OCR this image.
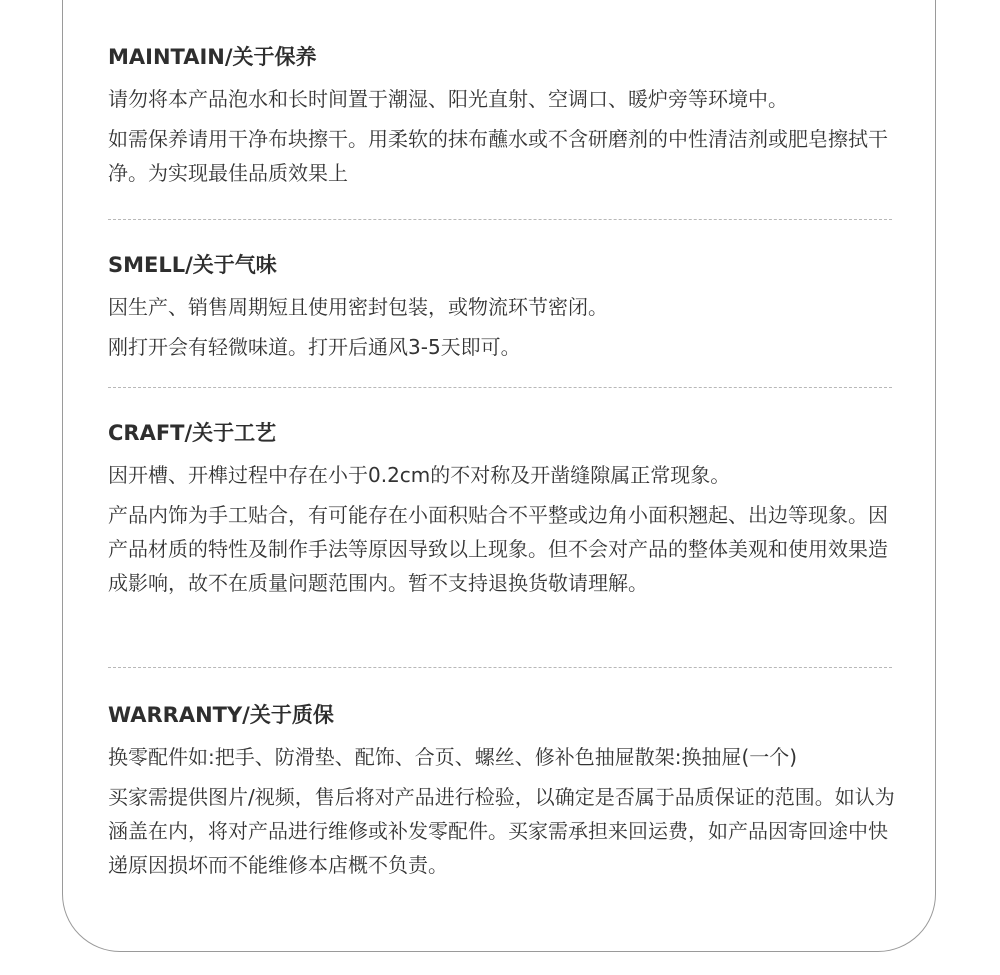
MAINTAIN/关于保养
请勿将本产品泡水和长时间置于潮湿、阳光直射、空调口、暖炉旁等环境中。
如需保养请用干净布块擦干。用柔软的抹布蘸水或不含研磨剂的中性清洁剂或肥皂擦拭干净。为实现最佳品质效果上
SMELL/关于气味
因生产、销售周期短且使用密封包装，或物流环节密闭。
刚打开会有轻微味道。打开后通风3-5天即可。
CRAFT/关于工艺
因开槽、开榫过程中存在小于0.2cm的不对称及开凿缝隙属正常现象。
产品内饰为手工贴合，有可能存在小面积贴合不平整或边角小面积翘起、出边等现象。因产品材质的特性及制作手法等原因导致以上现象。但不会对产品的整体美观和使用效果造成影响，故不在质量问题范围内。暂不支持退换货敬请理解。
WARRANTY/关于质保
换零配件如:把手、防滑垫、配饰、合页、螺丝、修补色抽屉散架:换抽屉(一个)
买家需提供图片/视频，售后将对产品进行检验，以确定是否属于品质保证的范围。如认为涵盖在内，将对产品进行维修或补发零配件。买家需承担来回运费，如产品因寄回途中快递原因损坏而不能维修本店概不负责。
